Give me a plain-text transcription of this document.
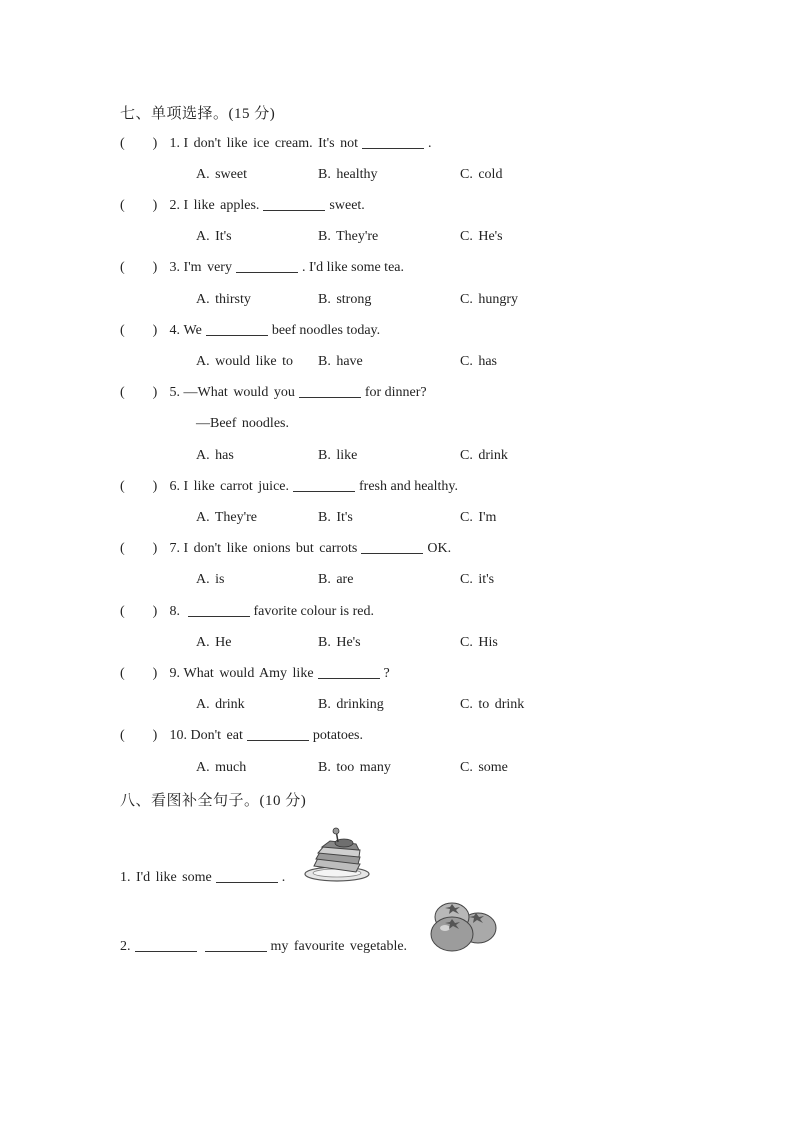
七、单项选择。(15 分)
( ) 1. I don't like ice cream. It's not	.
A. sweet	B. healthy	C. cold
( ) 2. I like apples.	sweet.
A. It's	B. They're	C. He's
( ) 3. I'm very	. I'd like some tea.
A. thirsty	B. strong	C. hungry
( ) 4. We	beef noodles today.
A. would like to B. have	C. has
( ) 5. —What would you	for dinner?
—Beef noodles.
A. has	B. like	C. drink
( ) 6. I like carrot juice.	fresh and healthy.
A. They're	B. It's	C. I'm
( ) 7. I don't like onions but carrots	OK.
A. is	B. are	C. it's
( ) 8.	favorite colour is red.
A. He	B. He's	C. His
( ) 9. What would Amy like	?
A. drink	B. drinking	C. to drink
( ) 10. Don't eat	potatoes.
A. much	B. too many	C. some
八、看图补全句子。(10 分)
1. I'd like some	.
2.	my favourite vegetable.
